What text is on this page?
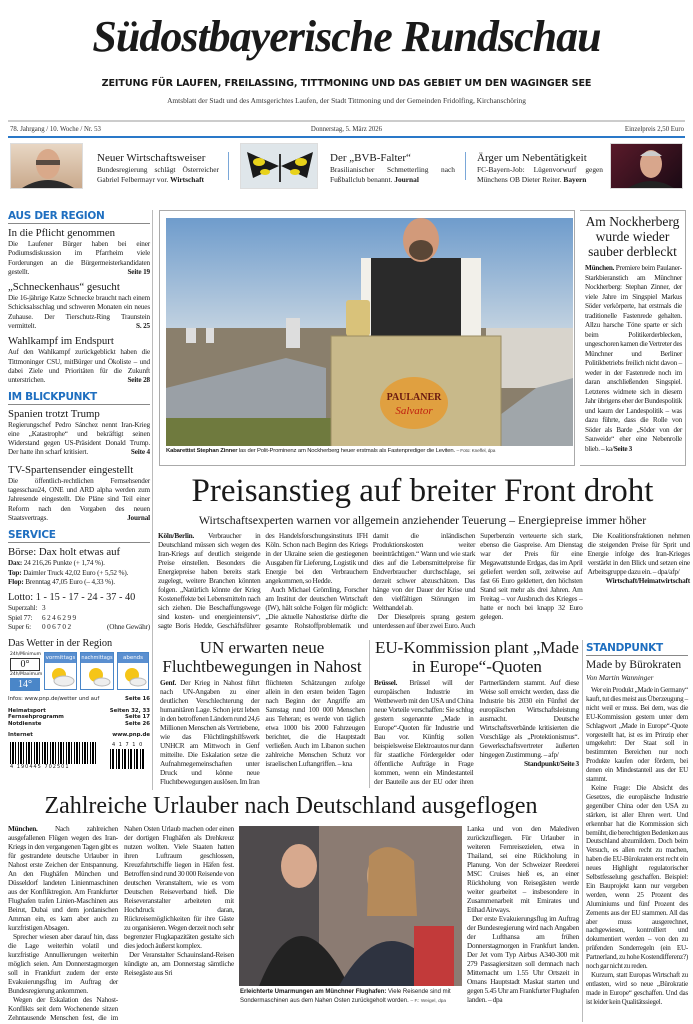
Südostbayerische Rundschau
ZEITUNG FÜR LAUFEN, FREILASSING, TITTMONING UND DAS GEBIET UM DEN WAGINGER SEE
Amtsblatt der Stadt und des Amtsgerichtes Laufen, der Stadt Tittmoning und der Gemeinden Fridolfing, Kirchanschöring
78. Jahrgang / 10. Woche / Nr. 53	Donnerstag, 5. März 2026	Einzelpreis 2,50 Euro
Neuer Wirtschaftsweiser
Bundesregierung schlägt Österreicher Gabriel Felbermayr vor. Wirtschaft
Der „BVB-Falter“
Brasilianischer Schmetterling nach Fußballclub benannt. Journal
Ärger um Nebentätigkeit
FC-Bayern-Job: Lügenvorwurf gegen Münchens OB Dieter Reiter. Bayern
AUS DER REGION
In die Pflicht genommen
Die Laufener Bürger haben bei einer Podiumsdiskussion im Pfarrheim viele Forderungen an die Bürgermeisterkandidaten gestellt.	Seite 19
„Schneckenhaus“ gesucht
Die 16-jährige Katze Schnecke braucht nach einem Schicksalsschlag und schweren Monaten ein neues Zuhause. Der Tierschutz-Ring Traunstein vermittelt.	S. 25
Wahlkampf im Endspurt
Auf den Wahlkampf zurückgeblickt haben die Tittmoninger CSU, mitBürger und Ökoliste – und dabei Ziele und Prioritäten für die Zukunft unterstrichen.	Seite 28
IM BLICKPUNKT
Spanien trotzt Trump
Regierungschef Pedro Sánchez nennt Iran-Krieg eine „Katastrophe“ und bekräftigt seinen Widerstand gegen US-Präsident Donald Trump. Der hatte ihn scharf kritisiert.	Seite 4
TV-Spartensender eingestellt
Die öffentlich-rechtlichen Fernsehsender tagesschau24, ONE und ARD alpha werden zum Jahresende eingestellt. Die Pläne sind Teil einer Reform nach den Vorgaben des neuen Staatsvertrags.	Journal
SERVICE
Börse: Dax holt etwas auf
Dax: 24 216,26 Punkte (+ 1,74 %).
Top: Daimler Truck 42,02 Euro (+ 5,52 %).
Flop: Brenntag 47,05 Euro (– 4,33 %).
Lotto: 1 - 15 - 17 - 24 - 37 - 40
Superzahl: 3
Spiel 77: 6 2 4 6 2 9 9
Super 6: 0 0 6 7 0 2	(Ohne Gewähr)
Das Wetter in der Region
24h/Minimum
0°
24h/Maximum
14°
vormittags nachmittags	abends
Infos: www.pnp.de/wetter und auf	Seite 16
Heimatsport	Seiten 32, 33
Fernsehprogramm	Seite 17
Notdienste	Seite 26
Internet	www.pnp.de
4 190445 702501
4 1 7 1 0
PAULANER
Salvator
Kabarettist Stephan Zinner las der Polit-Prominenz am Nockherberg heuer erstmals als Fastenprediger die Leviten. – Foto: Kneffel, dpa
Am Nockherberg wurde wieder sauber derbleckt
München. Premiere beim Paulaner-Starkbieranstich am Münchner Nockherberg: Stephan Zinner, der viele Jahre im Singspiel Markus Söder verkörperte, hat erstmals die traditionelle Fastenrede gehalten. Allzu harsche Töne sparte er sich beim Politikerderblecken, ungeschoren kamen die Vertreter des Münchner und Berliner Politikbetriebs freilich nicht davon – weder in der Fastenrede noch im daran anschließenden Singspiel. Letzteres widmete sich in diesem Jahr übrigens eher der Bundespolitik und kaum der Landespolitik – was dazu führte, dass die Rolle von Söder als Barde „Söder von der Sauweide“ eher eine Nebenrolle blieb. – ka/Seite 3
Preisanstieg auf breiter Front droht
Wirtschaftsexperten warnen vor allgemein anziehender Teuerung – Energiepreise immer höher

Köln/Berlin. Verbraucher in Deutschland müssen sich wegen des Iran-Kriegs auf deutlich steigende Preise einstellen. Besonders die Energiepreise haben bereits stark zugelegt, weitere Branchen könnten folgen. „Natürlich könnte der Krieg Kosteneffekte bei Lebensmitteln nach sich ziehen. Die Beschaffungswege sind kosten- und energieintensiv“, sagte Boris Hedde, Geschäftsführer des Handelsforschungsinstituts IFH Köln. Schon nach Beginn des Kriegs in der Ukraine seien die gestiegenen Ausgaben für Lieferung, Logistik und Energie bei den Verbrauchern angekommen, so Hedde.

Auch Michael Grömling, Forscher am Institut der deutschen Wirtschaft (IW), hält solche Folgen für möglich: „Die aktuelle Nahostkrise dürfte die gesamte Rohstoffproblematik und damit die inländischen Produktionskosten weiter beeinträchtigen.“ Wann und wie stark dies auf die Lebensmittelpreise für Endverbraucher durchschlage, sei derzeit schwer abzuschätzen. Das hänge von der Dauer der Krise und den vielfältigen Störungen im Welthandel ab.

Der Dieselpreis sprang gestern unterdessen auf über zwei Euro. Auch Superbenzin verteuerte sich stark, ebenso die Gaspreise. Am Dienstag war der Preis für eine Megawattstunde Erdgas, das im April geliefert werden soll, zeitweise auf fast 66 Euro geklettert, den höchsten Stand seit mehr als drei Jahren. Am Freitag – vor Ausbruch des Krieges – hatte er noch bei knapp 32 Euro gelegen.

Die Koalitionsfraktionen nehmen die steigenden Preise für Sprit und Energie infolge des Iran-Krieges verstärkt in den Blick und setzen eine Arbeitsgruppe dazu ein. – dpa/afp/

Wirtschaft/Heimatwirtschaft

UN erwarten neue Fluchtbewegungen in Nahost

Genf. Der Krieg in Nahost führt nach UN-Angaben zu einer deutlichen Verschlechterung der humanitären Lage. Schon jetzt leben in den betroffenen Ländern rund 24,6 Millionen Menschen als Vertriebene, wie das Flüchtlingshilfswerk UNHCR am Mittwoch in Genf mitteilte. Die Eskalation setze die Aufnahmegemeinschaften unter Druck und könne neue Fluchtbewegungen auslösen. Im Iran flüchteten Schätzungen zufolge allein in den ersten beiden Tagen nach Beginn der Angriffe am Samstag rund 100 000 Menschen aus Teheran; es werde von täglich etwa 1000 bis 2000 Fahrzeugen berichtet, die die Hauptstadt verließen. Auch im Libanon suchen zahlreiche Menschen Schutz vor israelischen Luftangriffen. – kna

EU-Kommission plant „Made in Europe“-Quoten

Brüssel. Brüssel will der europäischen Industrie im Wettbewerb mit den USA und China neue Vorteile verschaffen: Sie schlug gestern sogenannte „Made in Europe“-Quoten für Industrie und Bau vor. Künftig sollen beispielsweise Elektroautos nur dann für staatliche Fördergelder oder öffentliche Aufträge in Frage kommen, wenn ein Mindestanteil der Bauteile aus der EU oder ihren Partnerländern stammt. Auf diese Weise soll erreicht werden, dass die Industrie bis 2030 ein Fünftel der europäischen Wirtschaftsleistung ausmacht. Deutsche Wirtschaftsverbände kritisierten die Vorschläge als „Protektionismus“. Gewerkschaftsvertreter äußerten hingegen Zustimmung. – afp/

Standpunkt/Seite 3

STANDPUNKT
Made by Bürokraten
Von Martin Wanninger

Wer ein Produkt „Made in Germany“ kauft, tut dies meist aus Überzeugung – nicht weil er muss. Bei dem, was die EU-Kommission gestern unter dem Schlagwort „Made in Europe“-Quote vorgestellt hat, ist es im Prinzip eher umgekehrt: Der Staat soll in bestimmten Bereichen nur noch Produkte kaufen oder fördern, bei denen ein Mindestanteil aus der EU stammt.

Keine Frage: Die Absicht des Gesetzes, die europäische Industrie gegenüber China oder den USA zu stärken, ist aller Ehren wert. Und erkennbar hat die Kommission sich bemüht, die berechtigten Bedenken aus Deutschland abzumildern. Doch beim Versuch, es allen recht zu machen, haben die EU-Bürokraten erst recht ein neues Highlight regulatorischer Selbstfesselung geschaffen. Beispiel: Ein Bauprojekt kann nur vergeben werden, wenn 25 Prozent des Aluminiums und fünf Prozent des Zements aus der EU stammen. All das aber muss ausgerechnet, nachgewiesen, kontrolliert und dokumentiert werden – von den zu prüfenden Sonderregeln (ein EU-Partnerland, zu hohe Kostendifferenz?) noch gar nicht zu reden.

Kurzum, statt Europas Wirtschaft zu entlasten, wird so neue „Bürokratie made in Europe“ geschaffen. Und das ist leider kein Qualitätssiegel.

Zahlreiche Urlauber nach Deutschland ausgeflogen

München. Nach zahlreichen ausgefallenen Flügen wegen des Iran-Kriegs in den vergangenen Tagen gibt es für gestrandete deutsche Urlauber in Nahost erste Zeichen der Entspannung. An den Flughäfen München und Düsseldorf landeten Linienmaschinen aus der Konfliktregion. Am Frankfurter Flughafen trafen Linien-Maschinen aus Beirut, Dubai und dem jordanischen Amman ein, es kam aber auch zu kurzfristigen Absagen.

Sprecher wiesen aber darauf hin, dass die Lage weiterhin volatil und kurzfristige Annullierungen weiterhin möglich seien. Am Donnerstagmorgen soll in Frankfurt zudem der erste Evakuierungsflug im Auftrag der Bundesregierung ankommen.

Wegen der Eskalation des Nahost-Konflikts seit dem Wochenende sitzen Zehntausende Menschen fest, die im Nahen Osten Urlaub machen oder einen der dortigen Flughäfen als Drehkreuz nutzen wollten. Viele Staaten hatten ihren Luftraum geschlossen, Kreuzfahrtschiffe liegen in Häfen fest. Betroffen sind rund 30 000 Reisende von deutschen Veranstaltern, wie es vom Deutschen Reiseverband hieß. Die Reiseveranstalter arbeiteten mit Hochdruck daran, Rückreisemöglichkeiten für ihre Gäste zu organisieren. Wegen derzeit noch sehr begrenzter Flugkapazitäten gestalte sich dies jedoch äußerst komplex.

Der Veranstalter Schauinsland-Reisen kündigte an, am Donnerstag sämtliche Reisegäste aus Sri

Erleichterte Umarmungen am Münchner Flughafen: Viele Reisende sind mit Sondermaschinen aus dem Nahen Osten zurückgeholt worden. – F.: Weigel, dpa

Lanka und von den Malediven zurückzufliegen. Für Urlauber in weiteren Fernreisezielen, etwa in Thailand, sei eine Rückholung in Planung. Von der Schweizer Reederei MSC Cruises hieß es, an einer Rückholung von Reisegästen werde weiter gearbeitet – insbesondere in Zusammenarbeit mit Emirates und Etihad Airways.

Der erste Evakuierungsflug im Auftrag der Bundesregierung wird nach Angaben der Lufthansa am frühen Donnerstagmorgen in Frankfurt landen. Der Jet vom Typ Airbus A340-300 mit 279 Passagiersitzen soll demnach nach Mitternacht um 1.55 Uhr Ortszeit in Omans Hauptstadt Maskat starten und gegen 5.45 Uhr am Frankfurter Flughafen landen. – dpa
